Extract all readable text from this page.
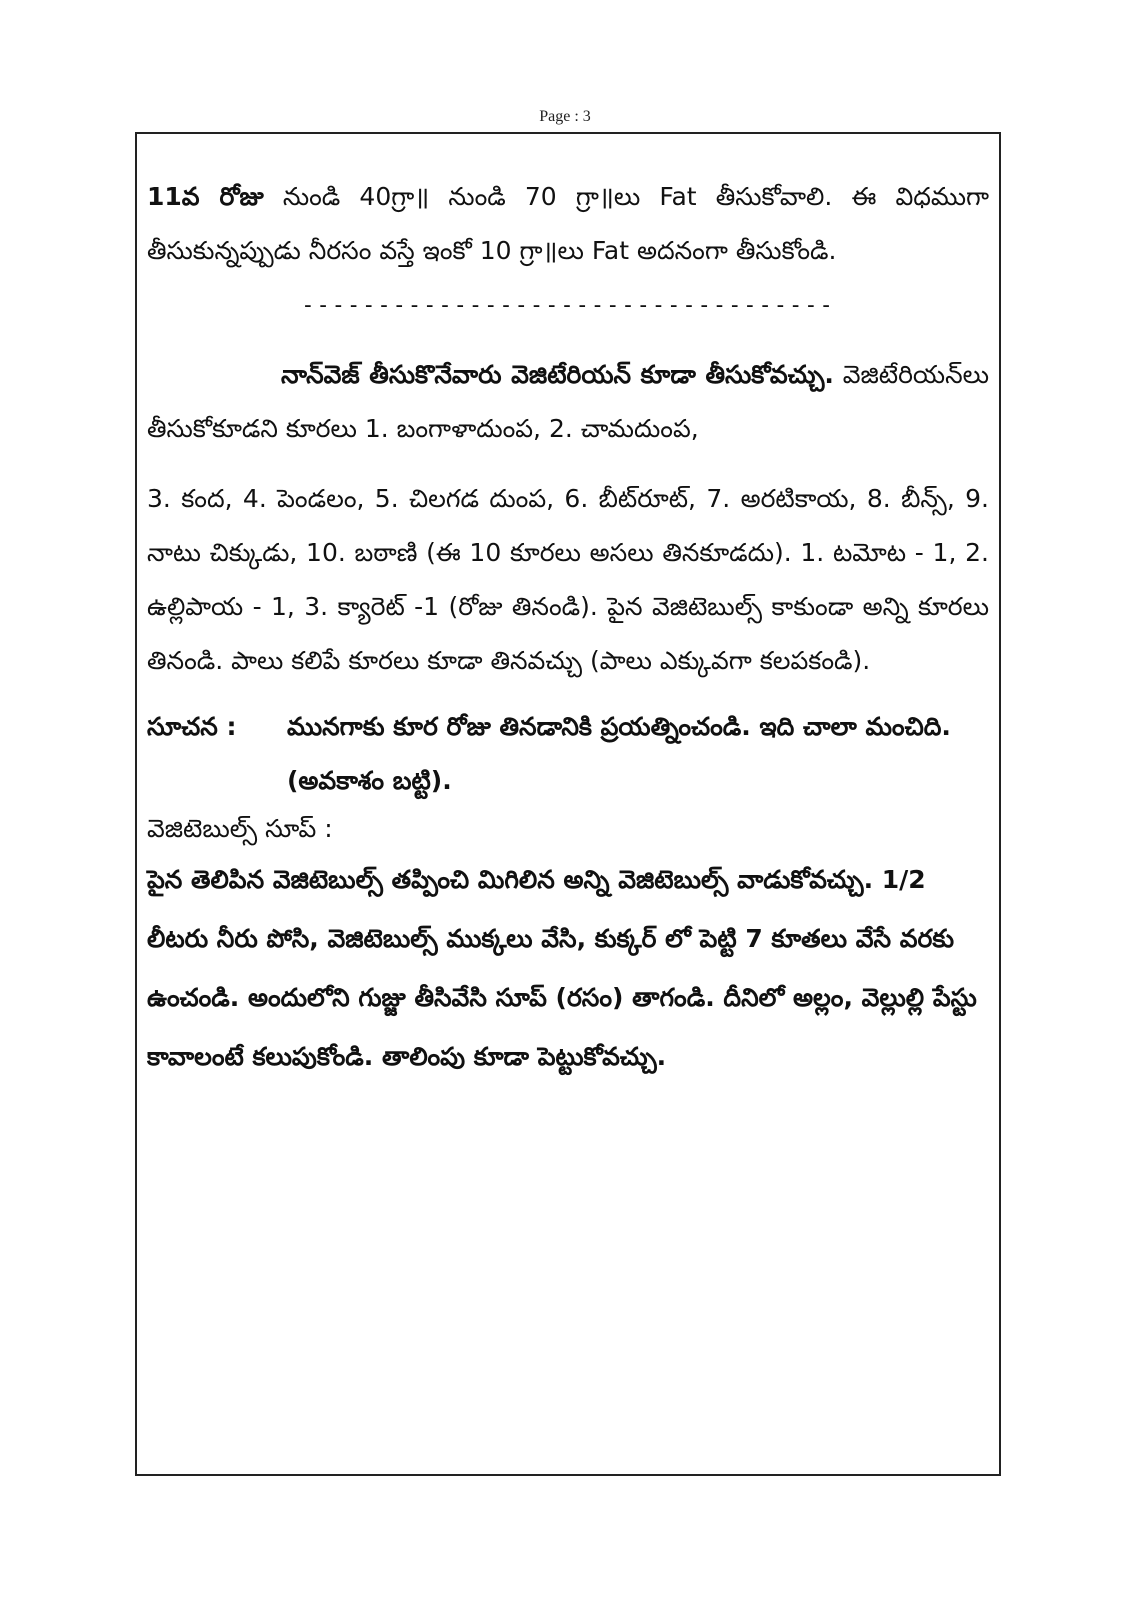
Page : 3

11వ రోజు నుండి 40గ్రా॥ నుండి 70 గ్రా॥లు Fat తీసుకోవాలి. ఈ విధముగా తీసుకున్నప్పుడు నీరసం వస్తే ఇంకో 10 గ్రా॥లు Fat అదనంగా తీసుకోండి.

-----------------------------------

నాన్‌వెజ్ తీసుకొనేవారు వెజిటేరియన్ కూడా తీసుకోవచ్చు. వెజిటేరియన్‌లు తీసుకోకూడని కూరలు 1. బంగాళాదుంప, 2. చామదుంప,

3. కంద, 4. పెండలం, 5. చిలగడ దుంప, 6. బీట్‌రూట్, 7. అరటికాయ, 8. బీన్స్, 9. నాటు చిక్కుడు, 10. బఠాణి (ఈ 10 కూరలు అసలు తినకూడదు). 1. టమోట - 1, 2. ఉల్లిపాయ - 1, 3. క్యారెట్ -1 (రోజు తినండి). పైన వెజిటెబుల్స్ కాకుండా అన్ని కూరలు తినండి. పాలు కలిపే కూరలు కూడా తినవచ్చు (పాలు ఎక్కువగా కలపకండి).

సూచన :	మునగాకు కూర రోజు తినడానికి ప్రయత్నించండి. ఇది చాలా మంచిది. (అవకాశం బట్టి).

వెజిటెబుల్స్ సూప్ :

పైన తెలిపిన వెజిటెబుల్స్ తప్పించి మిగిలిన అన్ని వెజిటెబుల్స్ వాడుకోవచ్చు. 1/2 లీటరు నీరు పోసి, వెజిటెబుల్స్ ముక్కలు వేసి, కుక్కర్ లో పెట్టి 7 కూతలు వేసే వరకు ఉంచండి. అందులోని గుజ్జు తీసివేసి సూప్ (రసం) తాగండి. దీనిలో అల్లం, వెల్లుల్లి పేస్టు కావాలంటే కలుపుకోండి. తాలింపు కూడా పెట్టుకోవచ్చు.
